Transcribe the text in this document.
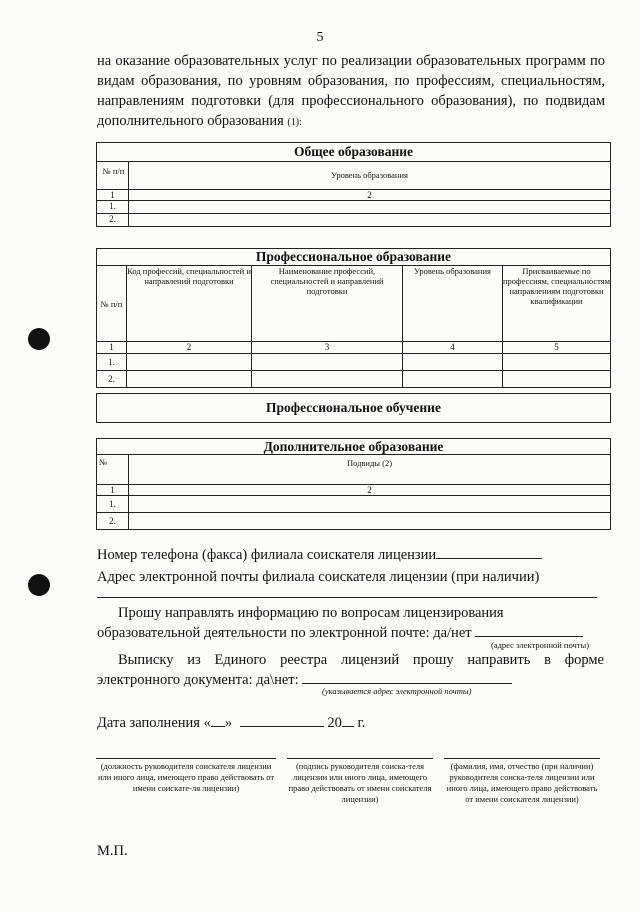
5
на оказание образовательных услуг по реализации образовательных программ по видам образования, по уровням образования, по профессиям, специальностям, направлениям подготовки (для профессионального образования), по подвидам дополнительного образования (1):
Общее образование	
№ п/п	Уровень образования
1	2
1.	
2.	
Профессиональное образование				
№ п/п	Код профессий, специальностей и направлений подготовки	Наименование профессий, специальностей и направлений подготовки	Уровень образования	Присваиваемые по профессиям, специальностям направлениям подготовки квалификации
1	2	3	4	5
1.				
2.				
Профессиональное обучение
Дополнительное образование	
№	Подвиды (2)
1	2
1.	
2.	
Номер телефона (факса) филиала соискателя лицензии
Адрес электронной почты филиала соискателя лицензии (при наличии)
Прошу направлять информацию по вопросам лицензирования
образовательной деятельности по электронной почте: да/нет
(адрес электронной почты)
Выписку из Единого реестра лицензий прошу направить в форме
электронного документа: да\нет:
(указывается адрес электронной почты)
Дата заполнения « »	20 г.
(должность руководителя соискателя лицензии или иного лица, имеющего право действовать от имени соискате-ля лицензии)
(подпись руководителя соиска-теля лицензии или иного лица, имеющего право действовать от имени соискателя лицензии)
(фамилия, имя, отчество (при наличии) руководителя соиска-теля лицензии или иного лица, имеющего право действовать от имени соискателя лицензии)
М.П.
